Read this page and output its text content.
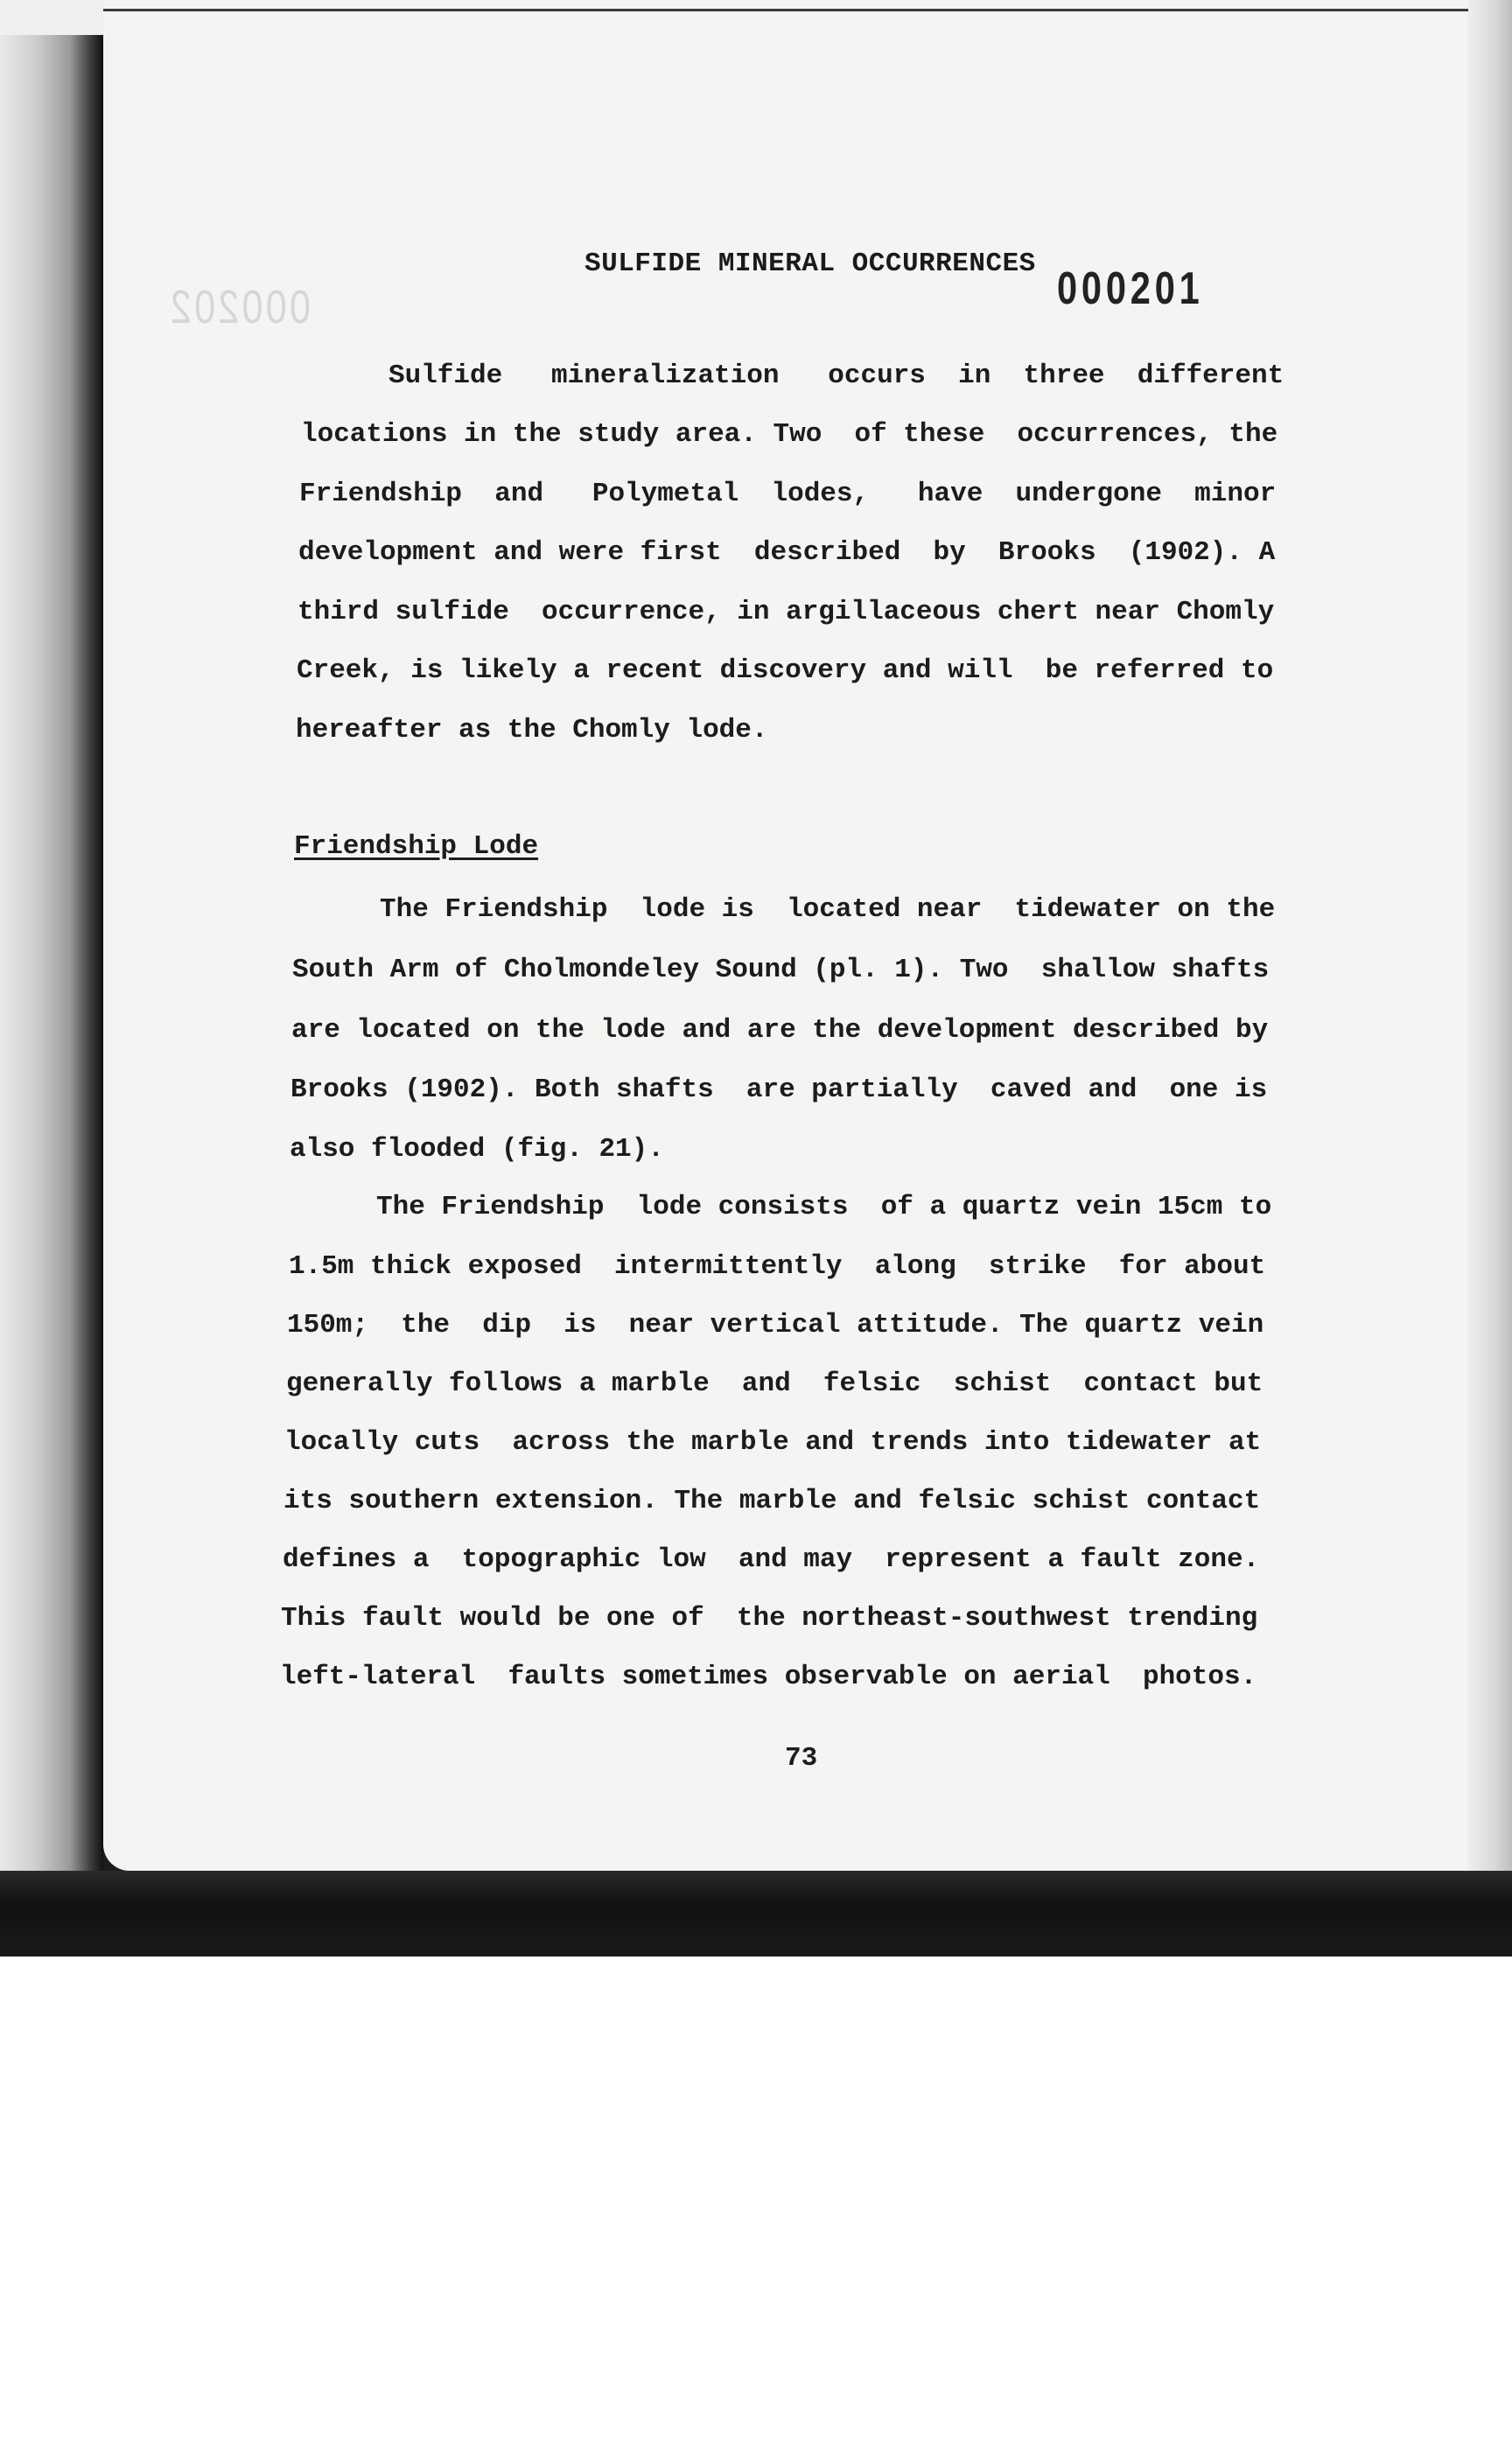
000202
SULFIDE MINERAL OCCURRENCES 000201
Sulfide   mineralization   occurs  in  three  different
locations in the study area. Two  of these  occurrences, the
Friendship  and   Polymetal  lodes,   have  undergone  minor
development and were first  described  by  Brooks  (1902). A
third sulfide  occurrence, in argillaceous chert near Chomly
Creek, is likely a recent discovery and will  be referred to
hereafter as the Chomly lode.
Friendship Lode
The Friendship  lode is  located near  tidewater on the
South Arm of Cholmondeley Sound (pl. 1). Two  shallow shafts
are located on the lode and are the development described by
Brooks (1902). Both shafts  are partially  caved and  one is
also flooded (fig. 21).
The Friendship  lode consists  of a quartz vein 15cm to
1.5m thick exposed  intermittently  along  strike  for about
150m;  the  dip  is  near vertical attitude. The quartz vein
generally follows a marble  and  felsic  schist  contact but
locally cuts  across the marble and trends into tidewater at
its southern extension. The marble and felsic schist contact
defines a  topographic low  and may  represent a fault zone.
This fault would be one of  the northeast-southwest trending
left-lateral  faults sometimes observable on aerial  photos.
73
